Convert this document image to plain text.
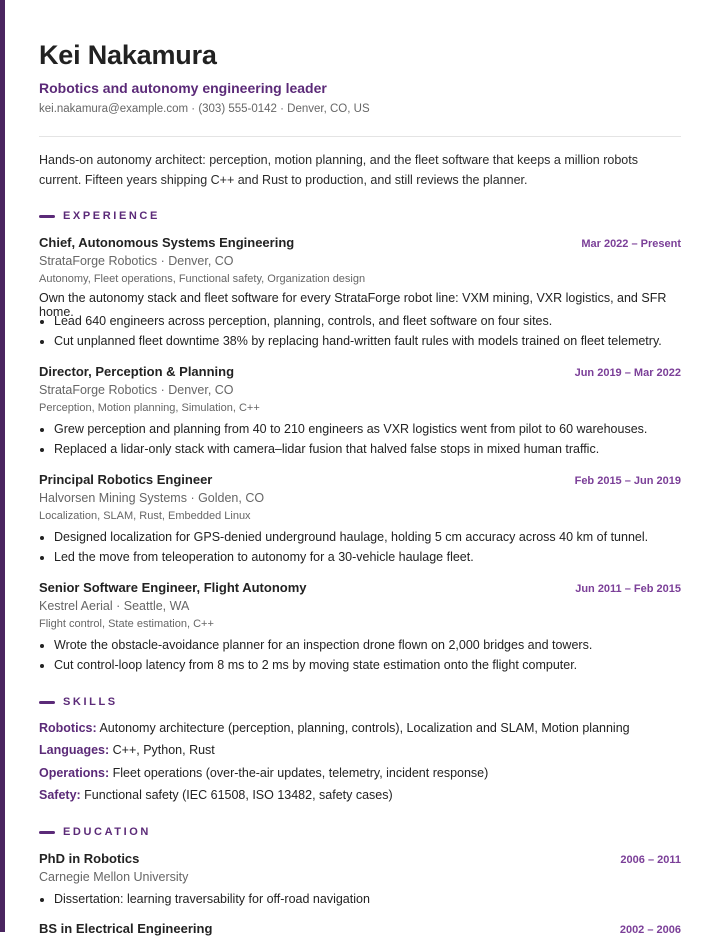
Kei Nakamura
Robotics and autonomy engineering leader
kei.nakamura@example.com · (303) 555-0142 · Denver, CO, US
Hands-on autonomy architect: perception, motion planning, and the fleet software that keeps a million robots current. Fifteen years shipping C++ and Rust to production, and still reviews the planner.
EXPERIENCE
Chief, Autonomous Systems Engineering	Mar 2022 – Present
StrataForge Robotics · Denver, CO
Autonomy, Fleet operations, Functional safety, Organization design
Own the autonomy stack and fleet software for every StrataForge robot line: VXM mining, VXR logistics, and SFR home.
• Lead 640 engineers across perception, planning, controls, and fleet software on four sites.
• Cut unplanned fleet downtime 38% by replacing hand-written fault rules with models trained on fleet telemetry.
Director, Perception & Planning	Jun 2019 – Mar 2022
StrataForge Robotics · Denver, CO
Perception, Motion planning, Simulation, C++
• Grew perception and planning from 40 to 210 engineers as VXR logistics went from pilot to 60 warehouses.
• Replaced a lidar-only stack with camera–lidar fusion that halved false stops in mixed human traffic.
Principal Robotics Engineer	Feb 2015 – Jun 2019
Halvorsen Mining Systems · Golden, CO
Localization, SLAM, Rust, Embedded Linux
• Designed localization for GPS-denied underground haulage, holding 5 cm accuracy across 40 km of tunnel.
• Led the move from teleoperation to autonomy for a 30-vehicle haulage fleet.
Senior Software Engineer, Flight Autonomy	Jun 2011 – Feb 2015
Kestrel Aerial · Seattle, WA
Flight control, State estimation, C++
• Wrote the obstacle-avoidance planner for an inspection drone flown on 2,000 bridges and towers.
• Cut control-loop latency from 8 ms to 2 ms by moving state estimation onto the flight computer.
SKILLS
Robotics: Autonomy architecture (perception, planning, controls), Localization and SLAM, Motion planning
Languages: C++, Python, Rust
Operations: Fleet operations (over-the-air updates, telemetry, incident response)
Safety: Functional safety (IEC 61508, ISO 13482, safety cases)
EDUCATION
PhD in Robotics	2006 – 2011
Carnegie Mellon University
• Dissertation: learning traversability for off-road navigation
BS in Electrical Engineering	2002 – 2006
